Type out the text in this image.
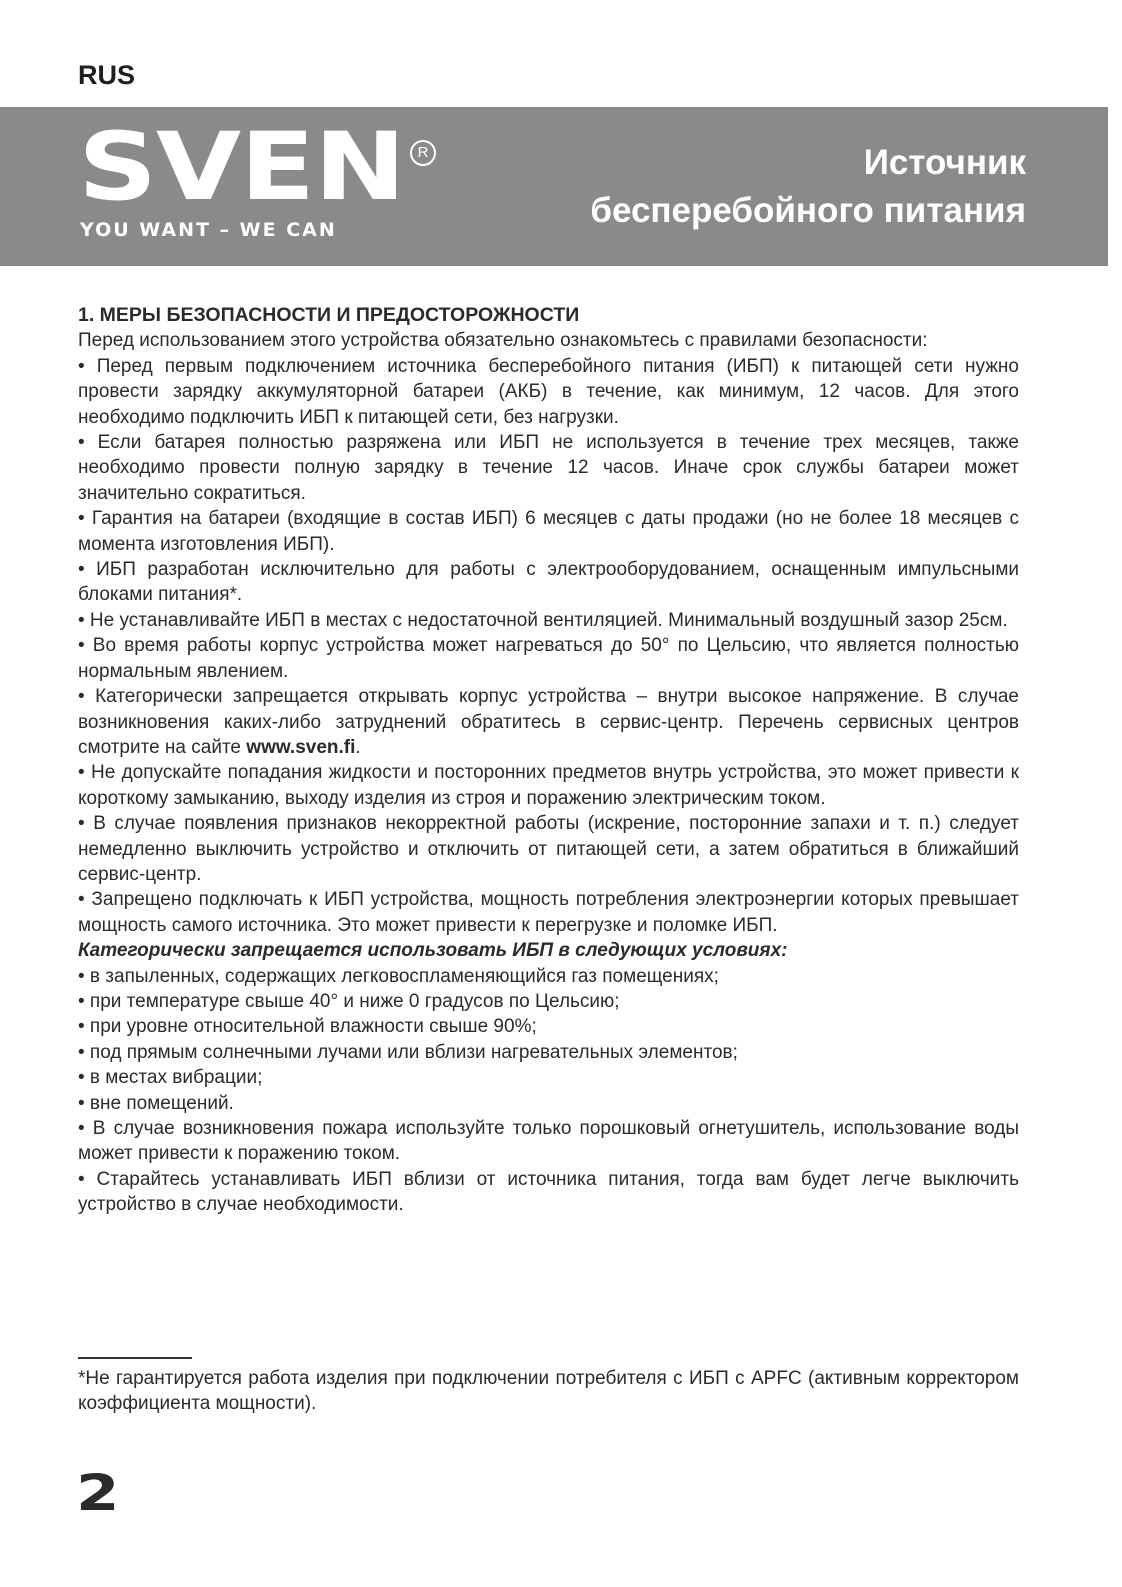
RUS
SVEN R
YOU WANT – WE CAN
Источник
бесперебойного питания

1. МЕРЫ БЕЗОПАСНОСТИ И ПРЕДОСТОРОЖНОСТИ

Перед использованием этого устройства обязательно ознакомьтесь с правилами безопасности:

• Перед первым подключением источника бесперебойного питания (ИБП) к питающей сети нужно провести зарядку аккумуляторной батареи (АКБ) в течение, как минимум, 12 часов. Для этого необходимо подключить ИБП к питающей сети, без нагрузки.

• Если батарея полностью разряжена или ИБП не используется в течение трех месяцев, также необходимо провести полную зарядку в течение 12 часов. Иначе срок службы батареи может значительно сократиться.

• Гарантия на батареи (входящие в состав ИБП) 6 месяцев с даты продажи (но не более 18 месяцев с момента изготовления ИБП).

• ИБП разработан исключительно для работы с электрооборудованием, оснащенным импульсными блоками питания*.

• Не устанавливайте ИБП в местах с недостаточной вентиляцией. Минимальный воздушный зазор 25см.

• Во время работы корпус устройства может нагреваться до 50° по Цельсию, что является полностью нормальным явлением.

• Категорически запрещается открывать корпус устройства – внутри высокое напряжение. В случае возникновения каких-либо затруднений обратитесь в сервис-центр. Перечень сервисных центров смотрите на сайте www.sven.fi.

• Не допускайте попадания жидкости и посторонних предметов внутрь устройства, это может привести к короткому замыканию, выходу изделия из строя и поражению электрическим током.

• В случае появления признаков некорректной работы (искрение, посторонние запахи и т. п.) следует немедленно выключить устройство и отключить от питающей сети, а затем обратиться в ближайший сервис-центр.

• Запрещено подключать к ИБП устройства, мощность потребления электроэнергии которых превышает мощность самого источника. Это может привести к перегрузке и поломке ИБП.

Категорически запрещается использовать ИБП в следующих условиях:

• в запыленных, содержащих легковоспламеняющийся газ помещениях;

• при температуре свыше 40° и ниже 0 градусов по Цельсию;

• при уровне относительной влажности свыше 90%;

• под прямым солнечными лучами или вблизи нагревательных элементов;

• в местах вибрации;

• вне помещений.

• В случае возникновения пожара используйте только порошковый огнетушитель, использование воды может привести к поражению током.

• Старайтесь устанавливать ИБП вблизи от источника питания, тогда вам будет легче выключить устройство в случае необходимости.

*Не гарантируется работа изделия при подключении потребителя с ИБП с APFC (активным корректором коэффициента мощности).
2
